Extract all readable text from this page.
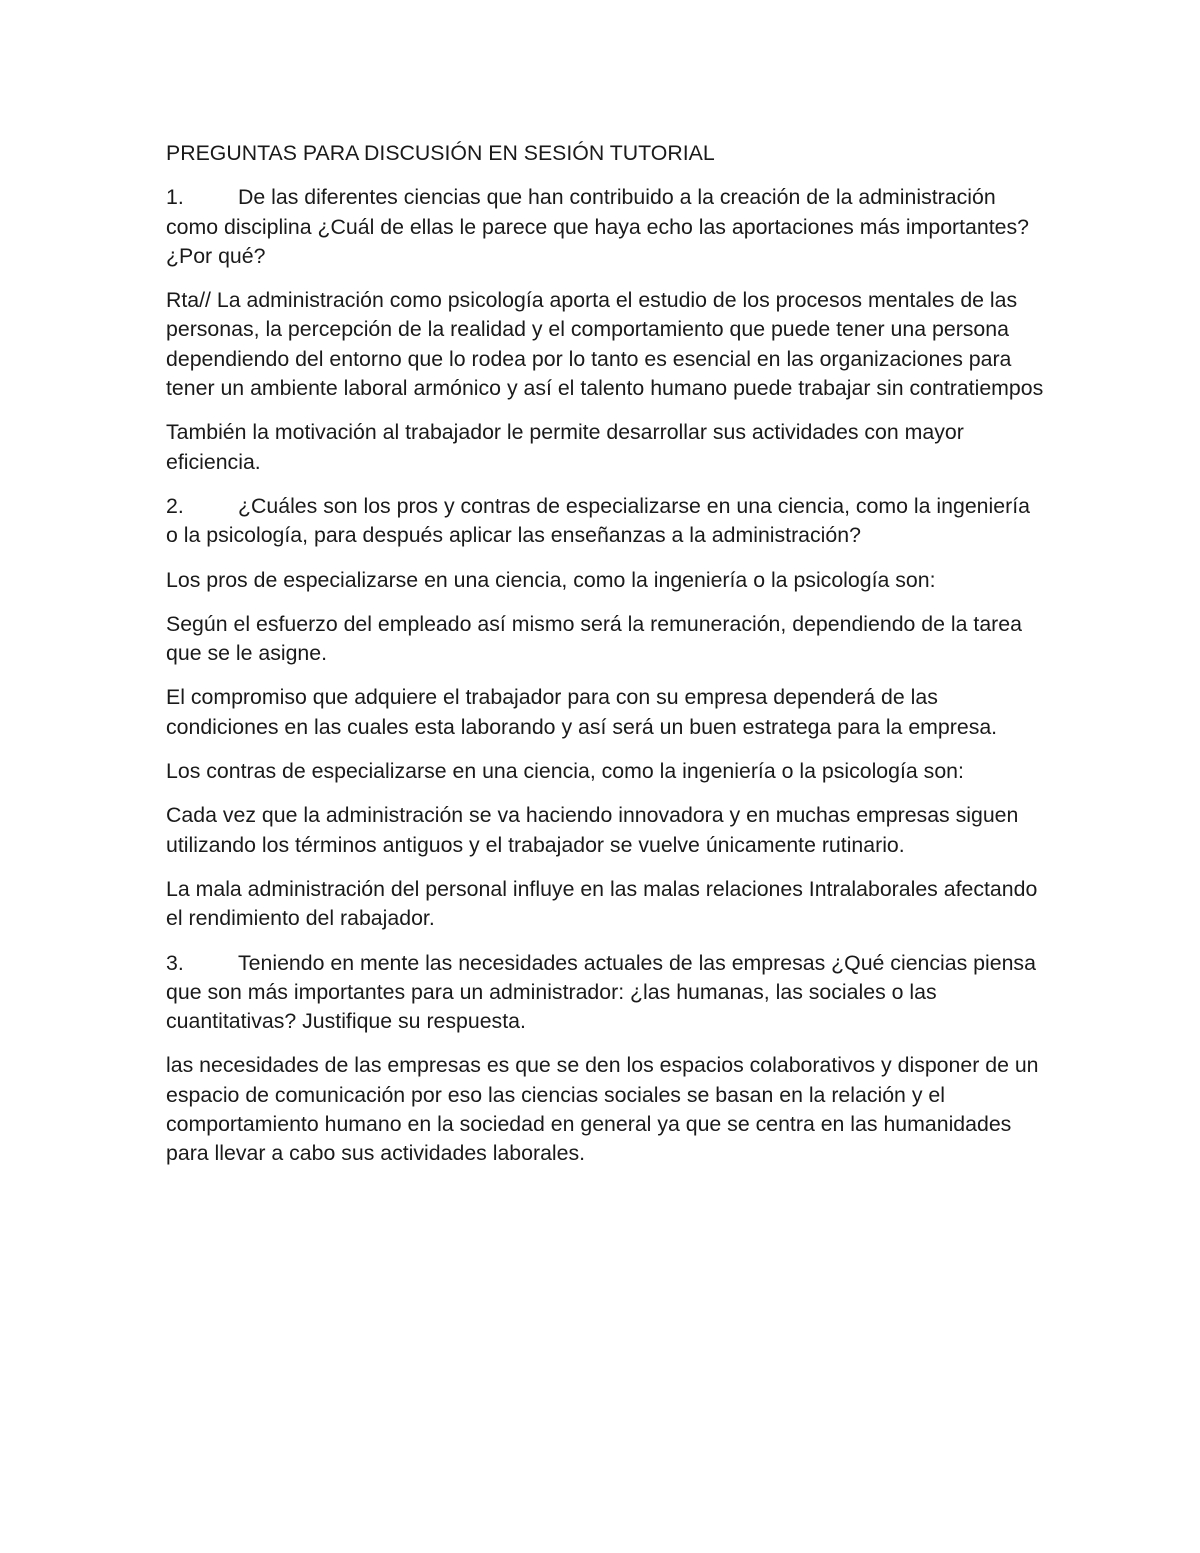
PREGUNTAS PARA DISCUSIÓN EN SESIÓN TUTORIAL

1.	De las diferentes ciencias que han contribuido a la creación de la administración como disciplina ¿Cuál de ellas le parece que haya echo las aportaciones más importantes? ¿Por qué?

Rta// La administración como psicología aporta el estudio de los procesos mentales de las personas, la percepción de la realidad y el comportamiento que puede tener una persona dependiendo del entorno que lo rodea por lo tanto es esencial en las organizaciones para tener un ambiente laboral armónico y así el talento humano puede trabajar sin contratiempos

También la motivación al trabajador le permite desarrollar sus actividades con mayor eficiencia.

2.	¿Cuáles son los pros y contras de especializarse en una ciencia, como la ingeniería o la psicología, para después aplicar las enseñanzas a la administración?

Los pros de especializarse en una ciencia, como la ingeniería o la psicología son:

Según el esfuerzo del empleado así mismo será la remuneración, dependiendo de la tarea que se le asigne.

El compromiso que adquiere el trabajador para con su empresa dependerá de las condiciones en las cuales esta laborando y así será un buen estratega para la empresa.

Los contras de especializarse en una ciencia, como la ingeniería o la psicología son:

Cada vez que la administración se va haciendo innovadora y en muchas empresas siguen utilizando los términos antiguos y el trabajador se vuelve únicamente rutinario.

La mala administración del personal influye en las malas relaciones Intralaborales afectando el rendimiento del rabajador.

3.	Teniendo en mente las necesidades actuales de las empresas ¿Qué ciencias piensa que son más importantes para un administrador: ¿las humanas, las sociales o las cuantitativas? Justifique su respuesta.

las necesidades de las empresas es que se den los espacios colaborativos y disponer de un espacio de comunicación por eso las ciencias sociales se basan en la relación y el comportamiento humano en la sociedad en general ya que se centra en las humanidades para llevar a cabo sus actividades laborales.
